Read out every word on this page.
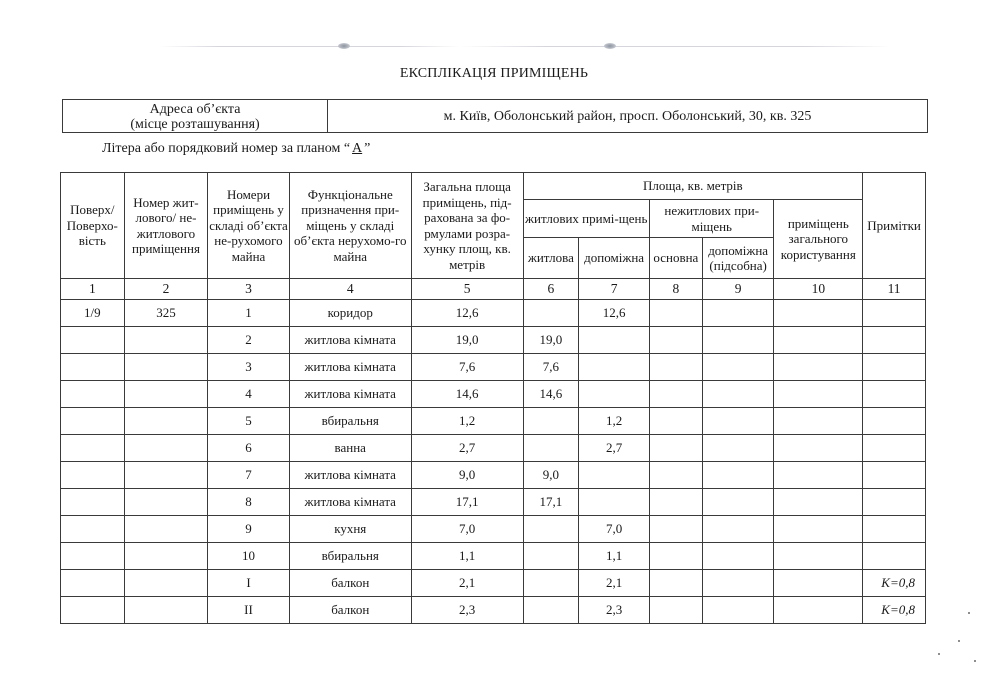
ЕКСПЛІКАЦІЯ ПРИМІЩЕНЬ
Адреса об’єкта
(місце розташування)
	м. Київ, Оболонський район, просп. Оболонський, 30, кв. 325
Літера або порядковий номер за планом “ А ”
Поверх/ Поверхо-вість	Номер жит-лового/ не-житлового приміщення	Номери приміщень у складі об’єкта не-рухомого майна	Функціональне призначення при-міщень у складі об’єкта нерухомо-го майна	Загальна площа приміщень, під-рахована за фо-рмулами розра-хунку площ, кв. метрів	Площа, кв. метрів					Примітки
					житлових примі-щень		нежитлових при-міщень		приміщень загального користування	
					житлова	допоміжна	основна	допоміжна (підсобна)		
1	2	3	4	5	6	7	8	9	10	11
1/9	325	1	коридор	12,6		12,6				
		2	житлова кімната	19,0	19,0					
		3	житлова кімната	7,6	7,6					
		4	житлова кімната	14,6	14,6					
		5	вбиральня	1,2		1,2				
		6	ванна	2,7		2,7				
		7	житлова кімната	9,0	9,0					
		8	житлова кімната	17,1	17,1					
		9	кухня	7,0		7,0				
		10	вбиральня	1,1		1,1				
		I	балкон	2,1		2,1				K=0,8
		II	балкон	2,3		2,3				K=0,8
